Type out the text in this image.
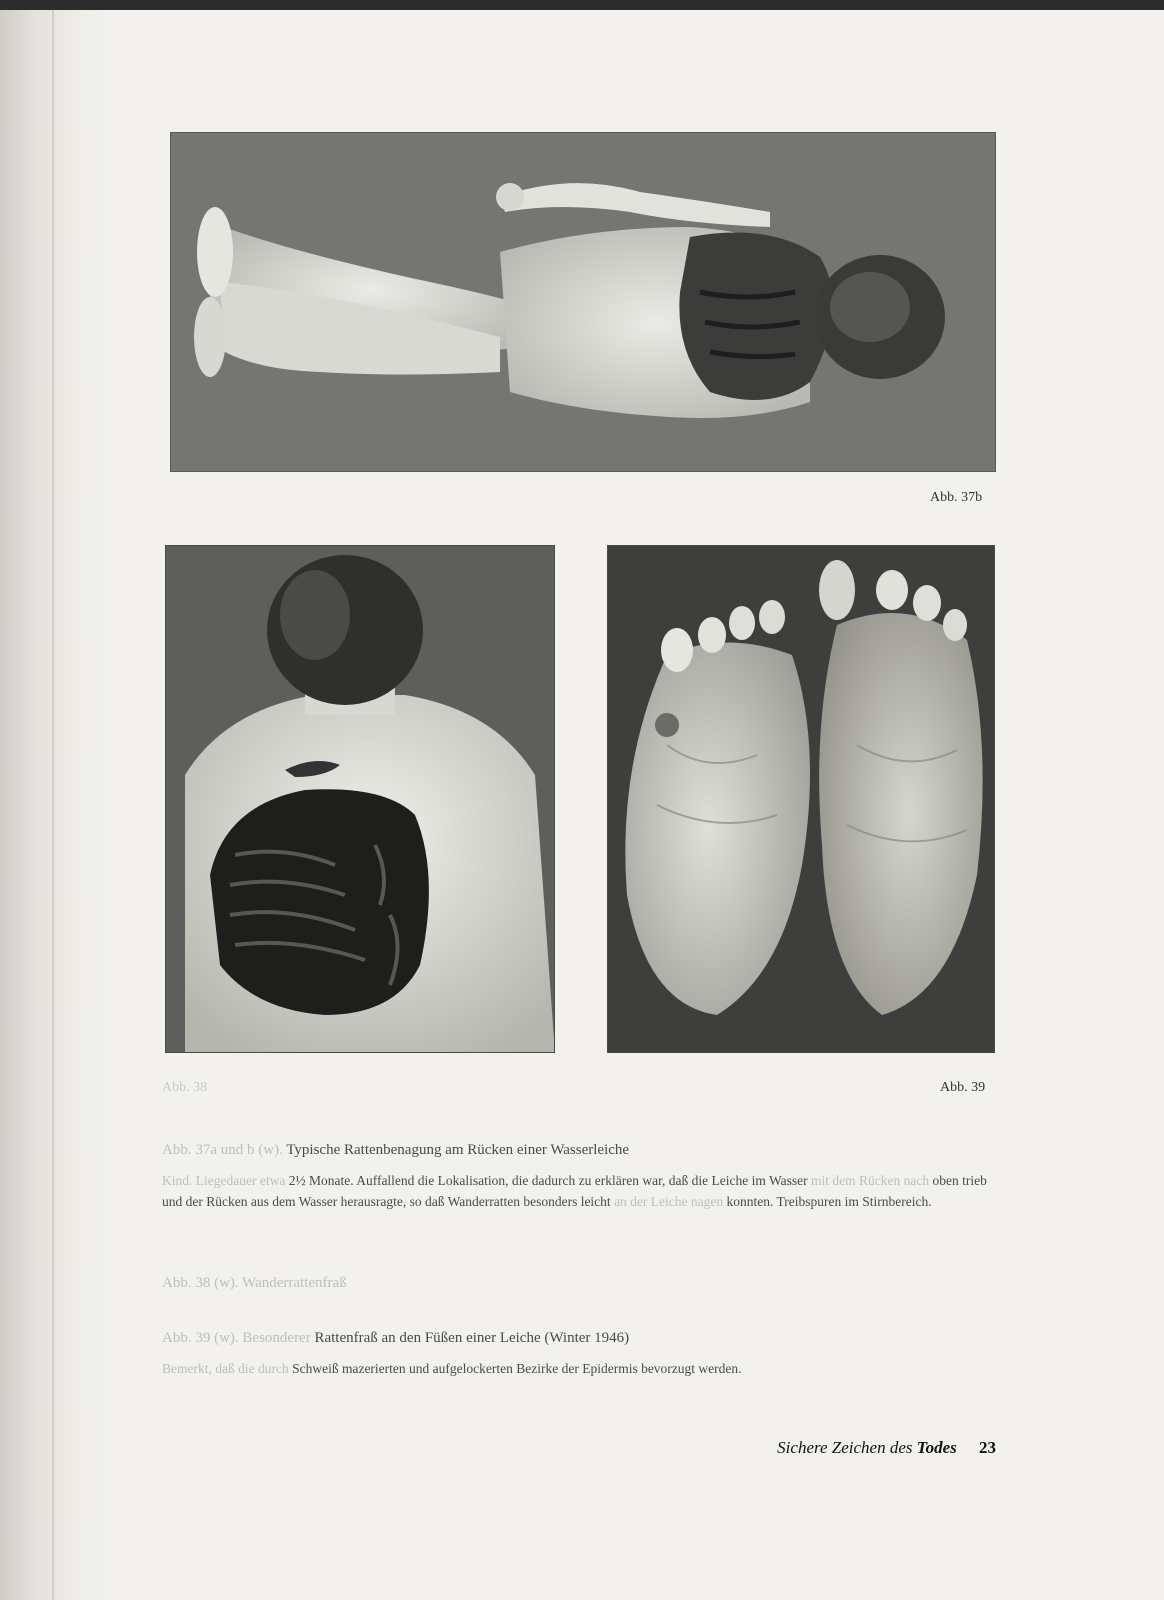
Abb. 37b
Abb. 38	Abb. 39
Abb. 37a und b (w). Typische Rattenbenagung am Rücken einer Wasserleiche
Kind. Liegedauer etwa 2½ Monate. Auffallend die Lokalisation, die dadurch zu erklären war, daß die Leiche im Wasser mit dem Rücken nach oben trieb und der Rücken aus dem Wasser herausragte, so daß Wanderratten besonders leicht an der Leiche nagen konnten. Treibspuren im Stirnbereich.
Abb. 38 (w). Wanderrattenfraß
Abb. 39 (w). Besonderer Rattenfraß an den Füßen einer Leiche (Winter 1946)
Bemerkt, daß die durch Schweiß mazerierten und aufgelockerten Bezirke der Epidermis bevorzugt werden.
Sichere Zeichen des Todes 23
